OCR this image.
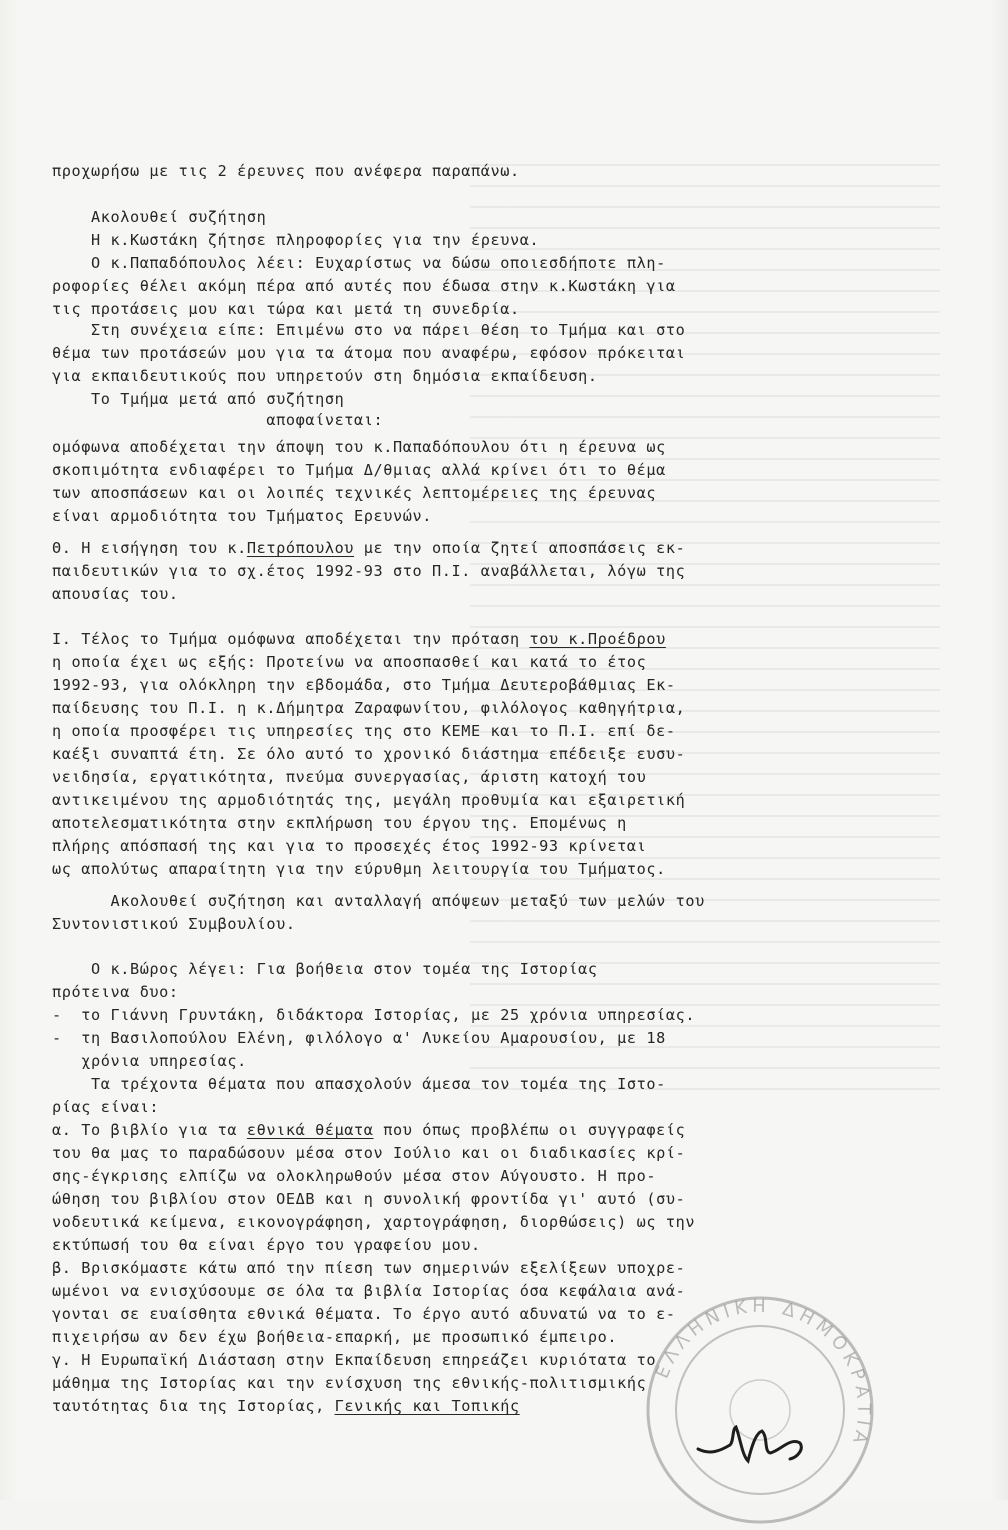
προχωρήσω με τις 2 έρευνες που ανέφερα παραπάνω.
Ακολουθεί συζήτηση
Η κ.Κωστάκη ζήτησε πληροφορίες για την έρευνα.
Ο κ.Παπαδόπουλος λέει: Ευχαρίστως να δώσω οποιεσδήποτε πλη-
ροφορίες θέλει ακόμη πέρα από αυτές που έδωσα στην κ.Κωστάκη για
τις προτάσεις μου και τώρα και μετά τη συνεδρία.
Στη συνέχεια είπε: Επιμένω στο να πάρει θέση το Τμήμα και στο
θέμα των προτάσεών μου για τα άτομα που αναφέρω, εφόσον πρόκειται
για εκπαιδευτικούς που υπηρετούν στη δημόσια εκπαίδευση.
Το Τμήμα μετά από συζήτηση
αποφαίνεται:
ομόφωνα αποδέχεται την άποψη του κ.Παπαδόπουλου ότι η έρευνα ως
σκοπιμότητα ενδιαφέρει το Τμήμα Δ/θμιας αλλά κρίνει ότι το θέμα
των αποσπάσεων και οι λοιπές τεχνικές λεπτομέρειες της έρευνας
είναι αρμοδιότητα του Τμήματος Ερευνών.
Θ. Η εισήγηση του κ.Πετρόπουλου με την οποία ζητεί αποσπάσεις εκ-
παιδευτικών για το σχ.έτος 1992-93 στο Π.Ι. αναβάλλεται, λόγω της
απουσίας του.
Ι. Τέλος το Τμήμα ομόφωνα αποδέχεται την πρόταση του κ.Προέδρου
η οποία έχει ως εξής: Προτείνω να αποσπασθεί και κατά το έτος
1992-93, για ολόκληρη την εβδομάδα, στο Τμήμα Δευτεροβάθμιας Εκ-
παίδευσης του Π.Ι. η κ.Δήμητρα Ζαραφωνίτου, φιλόλογος καθηγήτρια,
η οποία προσφέρει τις υπηρεσίες της στο ΚΕΜΕ και το Π.Ι. επί δε-
καέξι συναπτά έτη. Σε όλο αυτό το χρονικό διάστημα επέδειξε ευσυ-
νειδησία, εργατικότητα, πνεύμα συνεργασίας, άριστη κατοχή του
αντικειμένου της αρμοδιότητάς της, μεγάλη προθυμία και εξαιρετική
αποτελεσματικότητα στην εκπλήρωση του έργου της. Επομένως η
πλήρης απόσπασή της και για το προσεχές έτος 1992-93 κρίνεται
ως απολύτως απαραίτητη για την εύρυθμη λειτουργία του Τμήματος.
Ακολουθεί συζήτηση και ανταλλαγή απόψεων μεταξύ των μελών του
Συντονιστικού Συμβουλίου.
Ο κ.Βώρος λέγει: Για βοήθεια στον τομέα της Ιστορίας
πρότεινα δυο:
-  το Γιάννη Γρυντάκη, διδάκτορα Ιστορίας, με 25 χρόνια υπηρεσίας.
-  τη Βασιλοπούλου Ελένη, φιλόλογο α' Λυκείου Αμαρουσίου, με 18
χρόνια υπηρεσίας.
Τα τρέχοντα θέματα που απασχολούν άμεσα τον τομέα της Ιστο-
ρίας είναι:
α. Το βιβλίο για τα εθνικά θέματα που όπως προβλέπω οι συγγραφείς
του θα μας το παραδώσουν μέσα στον Ιούλιο και οι διαδικασίες κρί-
σης-έγκρισης ελπίζω να ολοκληρωθούν μέσα στον Αύγουστο. Η προ-
ώθηση του βιβλίου στον ΟΕΔΒ και η συνολική φροντίδα γι' αυτό (συ-
νοδευτικά κείμενα, εικονογράφηση, χαρτογράφηση, διορθώσεις) ως την
εκτύπωσή του θα είναι έργο του γραφείου μου.
β. Βρισκόμαστε κάτω από την πίεση των σημερινών εξελίξεων υποχρε-
ωμένοι να ενισχύσουμε σε όλα τα βιβλία Ιστορίας όσα κεφάλαια ανά-
γονται σε ευαίσθητα εθνικά θέματα. Το έργο αυτό αδυνατώ να το ε-
πιχειρήσω αν δεν έχω βοήθεια-επαρκή, με προσωπικό έμπειρο.
γ. Η Ευρωπαϊκή Διάσταση στην Εκπαίδευση επηρεάζει κυριότατα το
μάθημα της Ιστορίας και την ενίσχυση της εθνικής-πολιτισμικής
ταυτότητας δια της Ιστορίας, Γενικής και Τοπικής
ΕΛΛΗΝΙΚΗ ΔΗΜΟΚΡΑΤΙΑ
